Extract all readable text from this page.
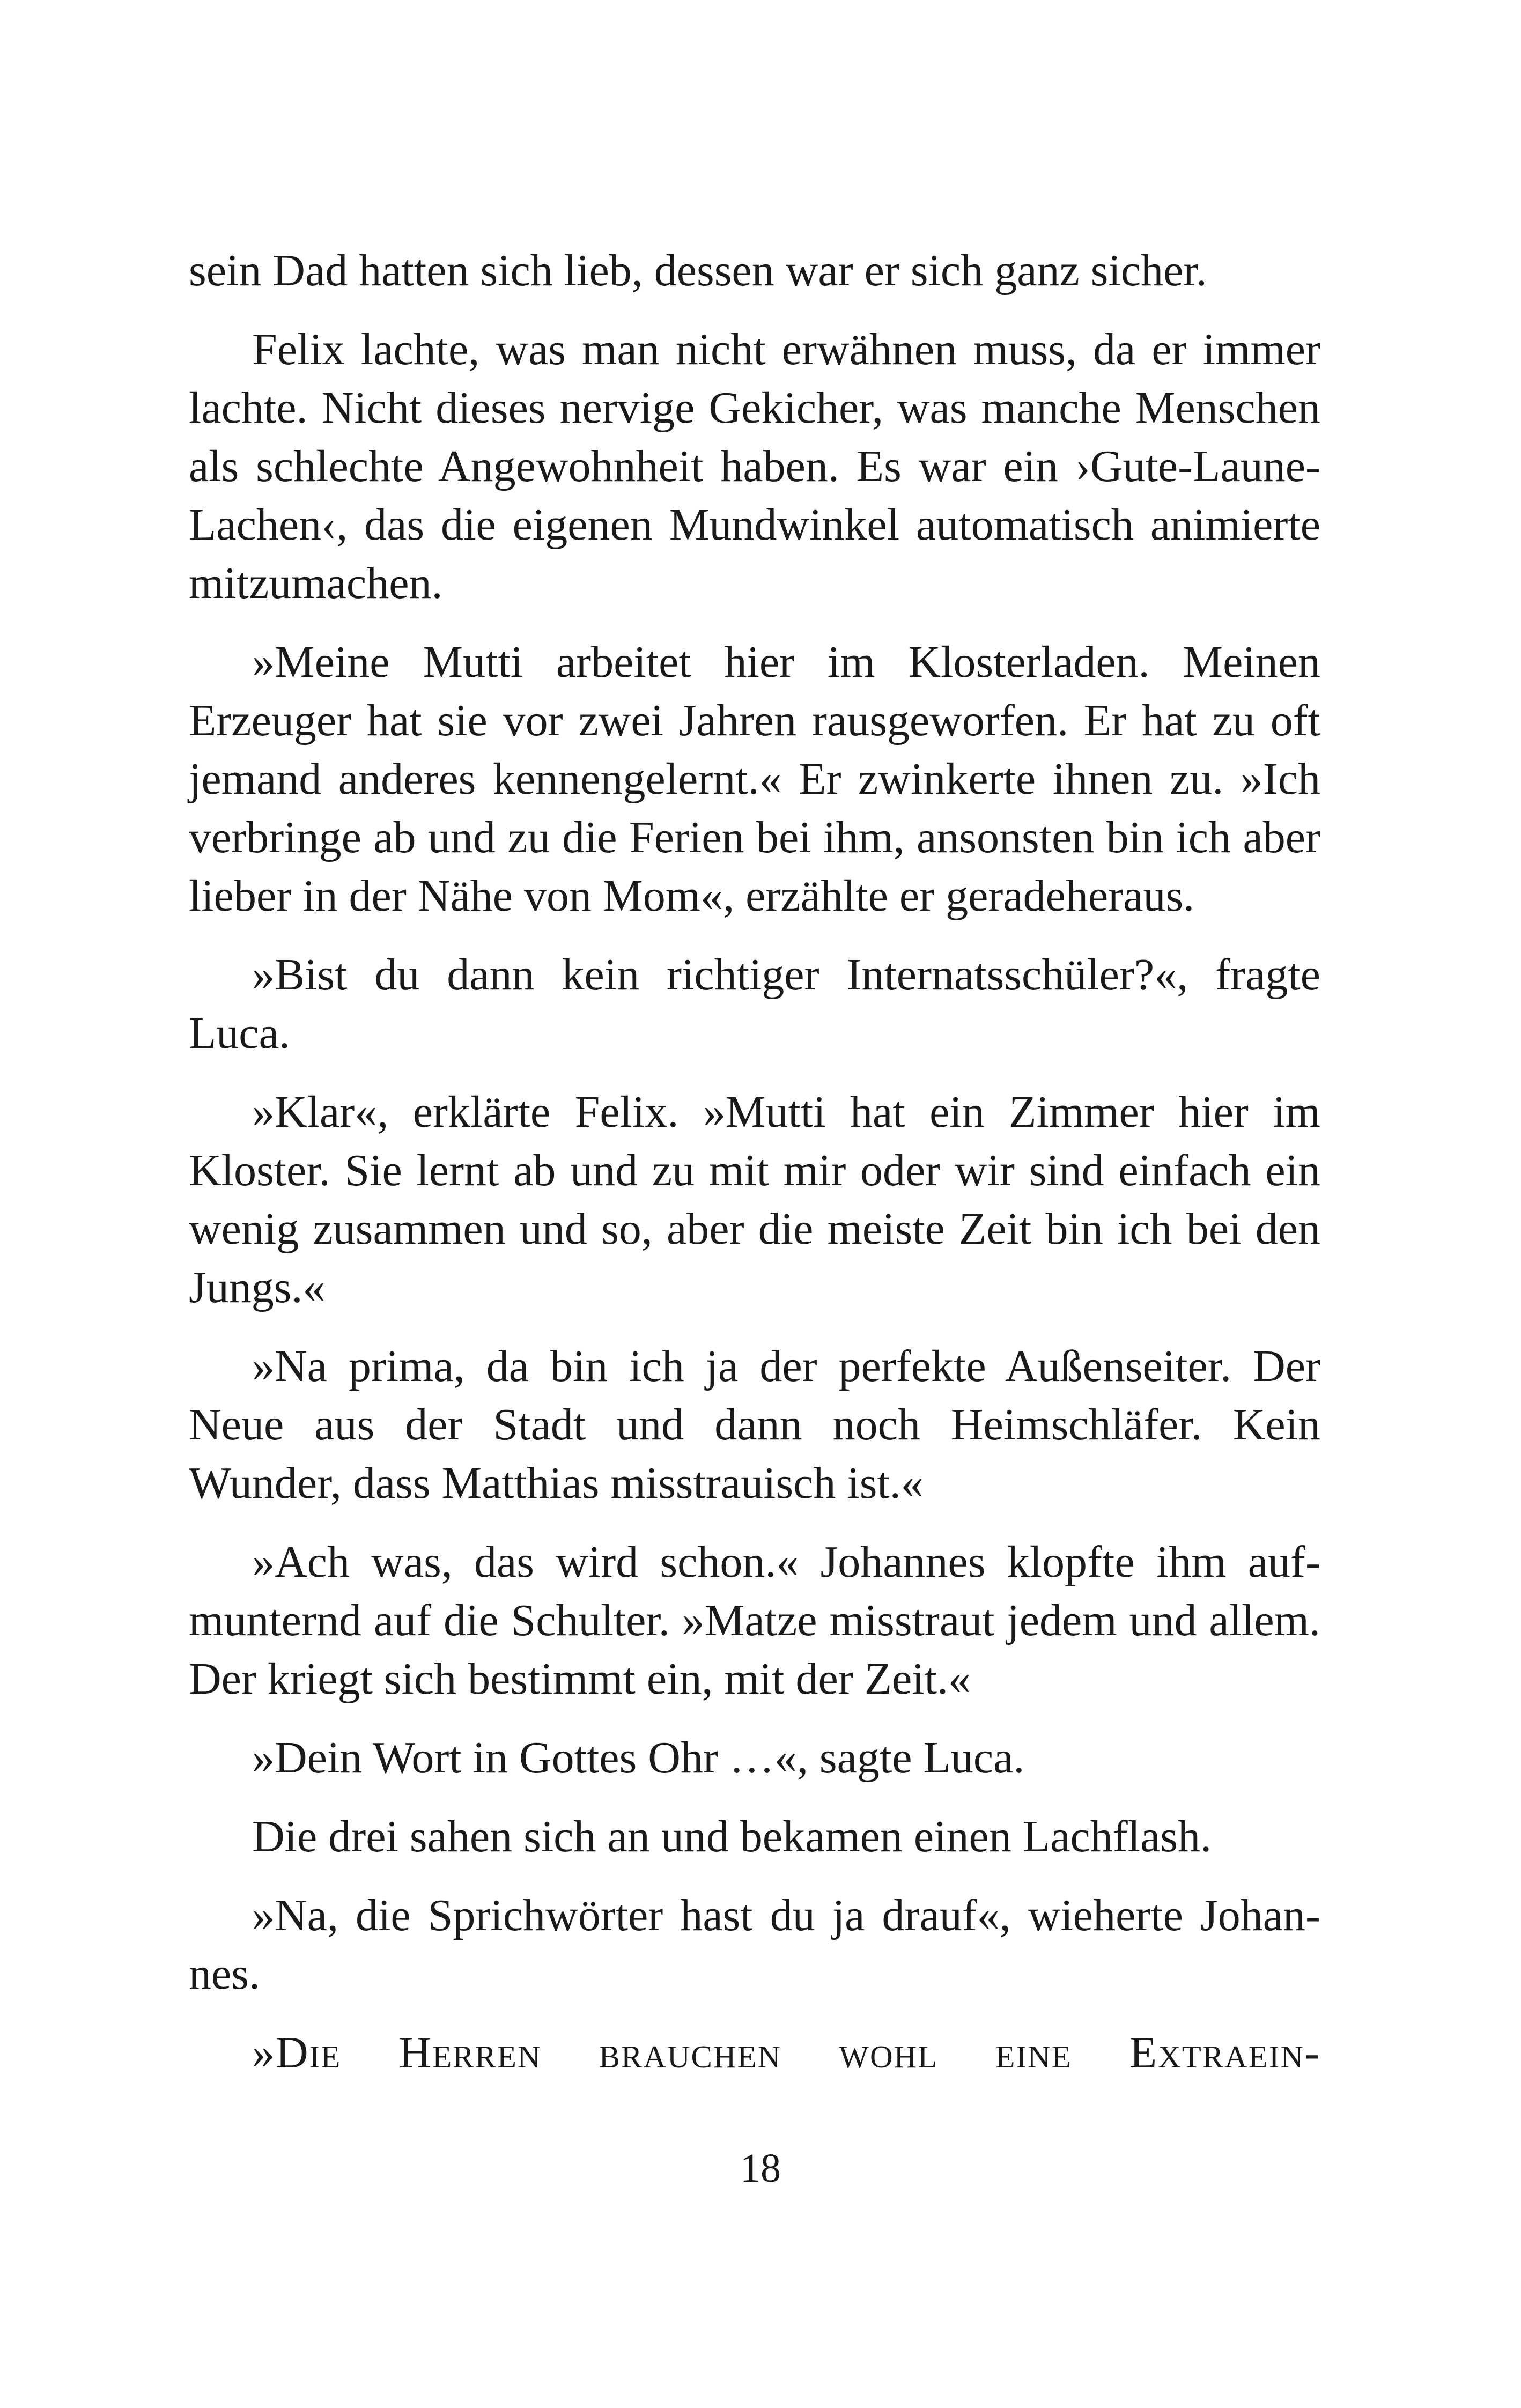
sein Dad hatten sich lieb, dessen war er sich ganz sicher.

Felix lachte, was man nicht erwähnen muss, da er immer lachte. Nicht dieses nervige Gekicher, was manche Menschen als schlechte Angewohnheit haben. Es war ein ›Gute-Laune-Lachen‹, das die eigenen Mundwinkel automatisch animierte mitzumachen.

»Meine Mutti arbeitet hier im Klosterladen. Meinen Erzeuger hat sie vor zwei Jahren rausgeworfen. Er hat zu oft jemand anderes kennengelernt.« Er zwinkerte ihnen zu. »Ich verbringe ab und zu die Ferien bei ihm, ansonsten bin ich aber lieber in der Nähe von Mom«, erzählte er geradeheraus.

»Bist du dann kein richtiger Internatsschüler?«, fragte Luca.

»Klar«, erklärte Felix. »Mutti hat ein Zimmer hier im Kloster. Sie lernt ab und zu mit mir oder wir sind einfach ein wenig zusammen und so, aber die meiste Zeit bin ich bei den Jungs.«

»Na prima, da bin ich ja der perfekte Außenseiter. Der Neue aus der Stadt und dann noch Heimschläfer. Kein Wunder, dass Matthias misstrauisch ist.«

»Ach was, das wird schon.« Johannes klopfte ihm aufmunternd auf die Schulter. »Matze misstraut jedem und allem. Der kriegt sich bestimmt ein, mit der Zeit.«

»Dein Wort in Gottes Ohr …«, sagte Luca.

Die drei sahen sich an und bekamen einen Lachflash.

»Na, die Sprichwörter hast du ja drauf«, wieherte Johannes.

»Die Herren brauchen wohl eine Extraein-

18
